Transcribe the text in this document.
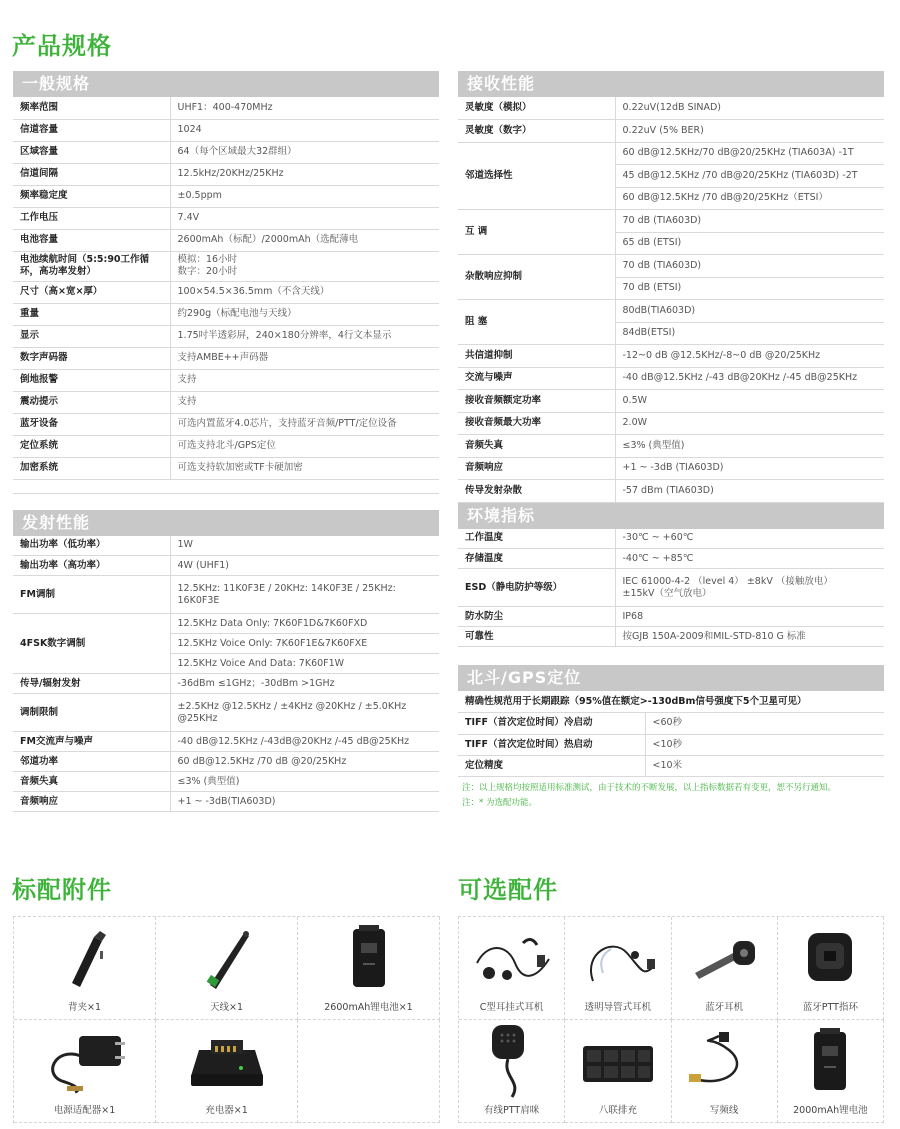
产品规格
一般规格
频率范围	UHF1：400-470MHz
信道容量	1024
区域容量	64（每个区域最大32群组）
信道间隔	12.5kHz/20KHz/25KHz
频率稳定度	±0.5ppm
工作电压	7.4V
电池容量	2600mAh（标配）/2000mAh（选配薄电
电池续航时间（5:5:90工作循环，高功率发射）	模拟：16小时
数字：20小时
尺寸（高×宽×厚）	100×54.5×36.5mm（不含天线）
重量	约290g（标配电池与天线）
显示	1.75吋半透彩屏，240×180分辨率，4行文本显示
数字声码器	支持AMBE++声码器
倒地报警	支持
震动提示	支持
蓝牙设备	可选内置蓝牙4.0芯片，支持蓝牙音频/PTT/定位设备
定位系统	可选支持北斗/GPS定位
加密系统	可选支持软加密或TF卡硬加密

发射性能
输出功率（低功率）	1W
输出功率（高功率）	4W (UHF1)
FM调制	12.5KHz: 11K0F3E / 20KHz: 14K0F3E / 25KHz: 16K0F3E
4FSK数字调制	12.5KHz Data Only: 7K60F1D&7K60FXD
	12.5KHz Voice Only: 7K60F1E&7K60FXE
	12.5KHz Voice And Data: 7K60F1W
传导/辐射发射	-36dBm ≤1GHz；-30dBm >1GHz
调制限制	±2.5KHz @12.5KHz / ±4KHz @20KHz / ±5.0KHz @25KHz
FM交流声与噪声	-40 dB@12.5KHz /-43dB@20KHz /-45 dB@25KHz
邻道功率	60 dB@12.5KHz /70 dB @20/25KHz
音频失真	≤3% (典型值)
音频响应	+1 ~ -3dB(TIA603D)
接收性能
灵敏度（模拟）	0.22uV(12dB SINAD)
灵敏度（数字）	0.22uV (5% BER)
邻道选择性	60 dB@12.5KHz/70 dB@20/25KHz (TIA603A) -1T
	45 dB@12.5KHz /70 dB@20/25KHz (TIA603D) -2T
	60 dB@12.5KHz /70 dB@20/25KHz（ETSI）
互 调	70 dB (TIA603D)
	65 dB (ETSI)
杂散响应抑制	70 dB (TIA603D)
	70 dB (ETSI)
阻 塞	80dB(TIA603D)
	84dB(ETSI)
共信道抑制	-12~0 dB @12.5KHz/-8~0 dB @20/25KHz
交流与噪声	-40 dB@12.5KHz /-43 dB@20KHz /-45 dB@25KHz
接收音频额定功率	0.5W
接收音频最大功率	2.0W
音频失真	≤3% (典型值)
音频响应	+1 ~ -3dB (TIA603D)
传导发射杂散	-57 dBm (TIA603D)
环境指标
工作温度	-30℃ ~ +60℃
存储温度	-40℃ ~ +85℃
ESD（静电防护等级）	IEC 61000-4-2 （level 4） ±8kV （接触放电）
±15kV（空气放电）
防水防尘	IP68
可靠性	按GJB 150A-2009和MIL-STD-810 G 标准
北斗/GPS定位
精确性规范用于长期跟踪（95%值在额定>-130dBm信号强度下5个卫星可见）
TIFF（首次定位时间）冷启动	<60秒
TIFF（首次定位时间）热启动	<10秒
定位精度	<10米
注：以上规格均按照适用标准测试，由于技术的不断发展，以上指标数据若有变更，恕不另行通知。
注：* 为选配功能。
标配附件	可选配件
背夹×1	天线×1	2600mAh锂电池×1
电源适配器×1	充电器×1
C型耳挂式耳机	透明导管式耳机	蓝牙耳机	蓝牙PTT指环
有线PTT肩咪	八联排充	写频线	2000mAh锂电池
